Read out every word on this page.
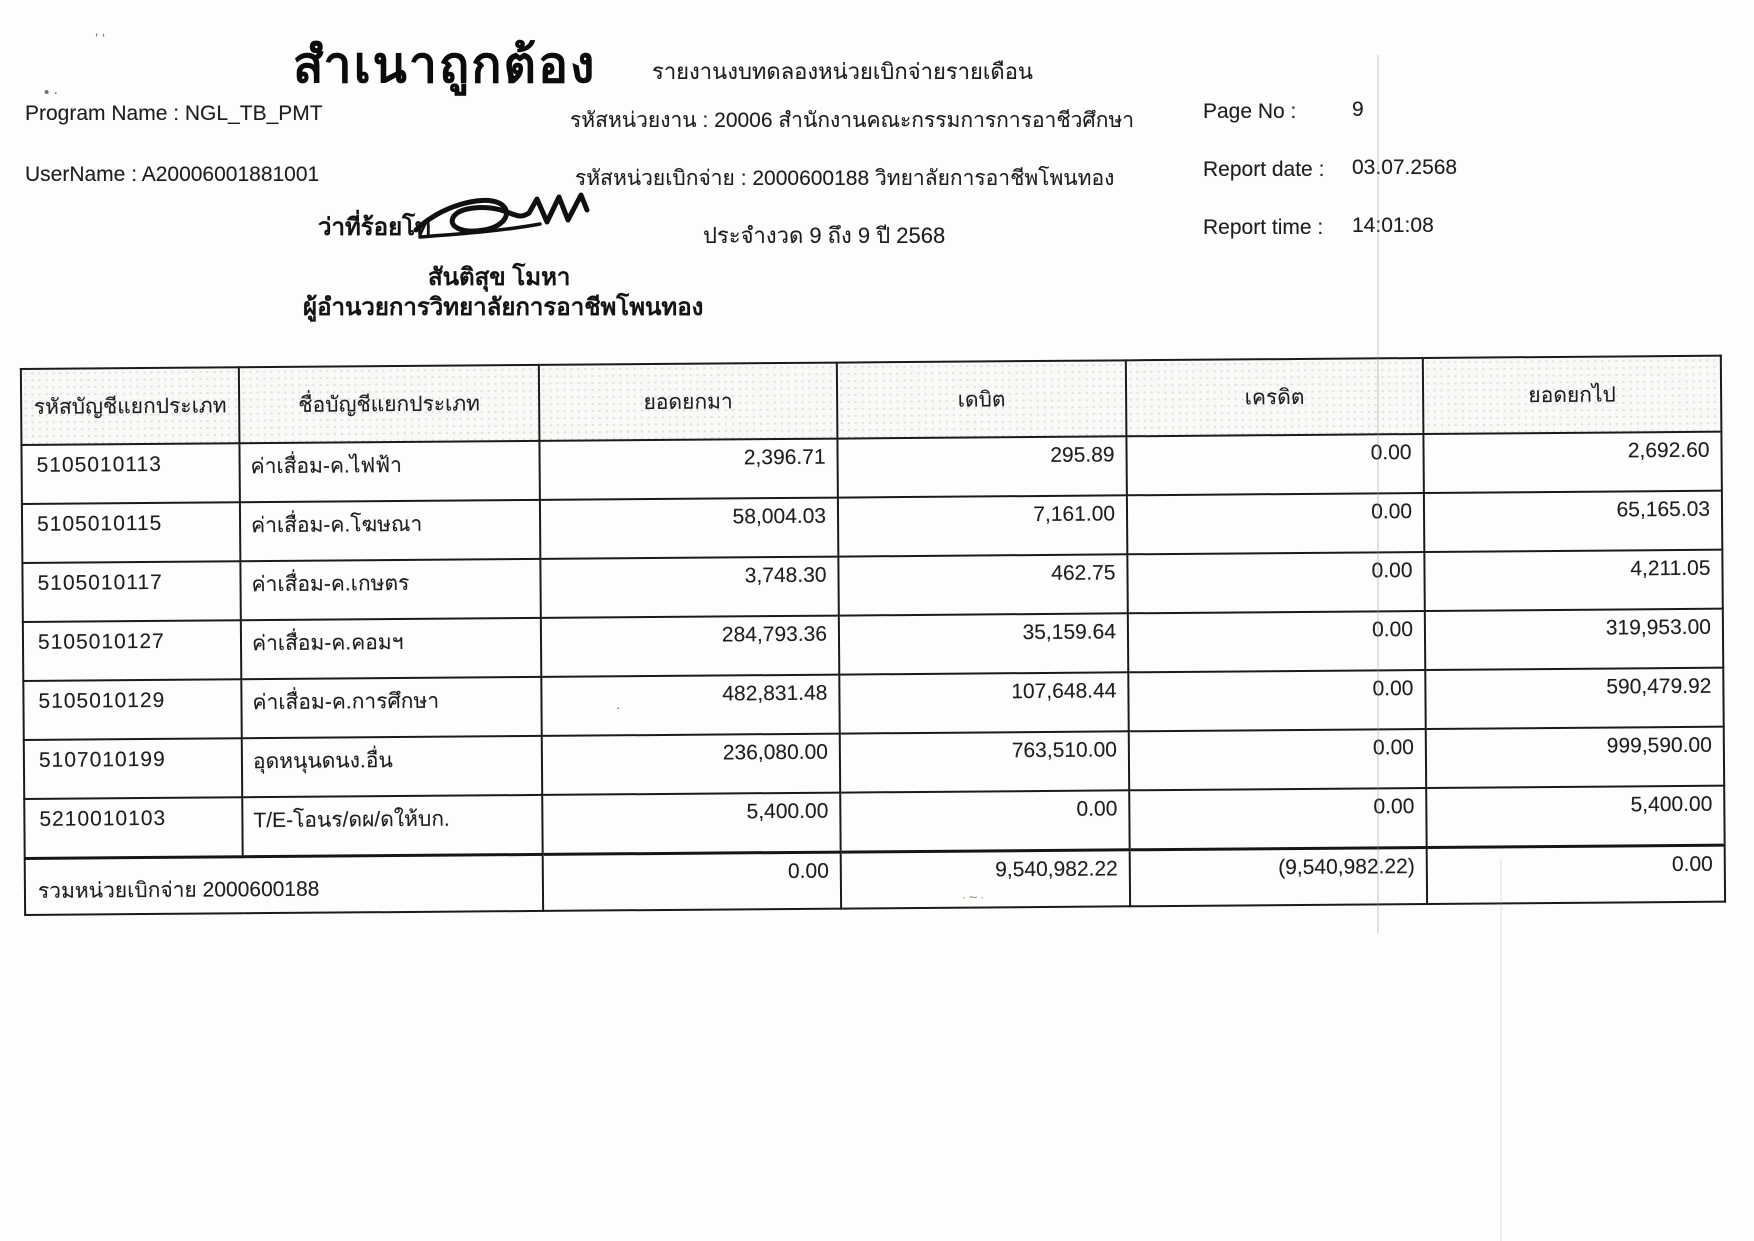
สำเนาถูกต้อง	รายงานงบทดลองหน่วยเบิกจ่ายรายเดือน
Program Name : NGL_TB_PMT	รหัสหน่วยงาน : 20006 สำนักงานคณะกรรมการการอาชีวศึกษา
UserName : A20006001881001	รหัสหน่วยเบิกจ่าย : 2000600188 วิทยาลัยการอาชีพโพนทอง
ประจำงวด 9 ถึง 9 ปี 2568
Page No :	9
Report date : 03.07.2568
Report time : 14:01:08
ว่าที่ร้อยโท
สันติสุข โมหา
ผู้อำนวยการวิทยาลัยการอาชีพโพนทอง
รหัสบัญชีแยกประเภท	ชื่อบัญชีแยกประเภท	ยอดยกมา	เดบิต	เครดิต	ยอดยกไป
5105010113	ค่าเสื่อม-ค.ไฟฟ้า	2,396.71	295.89	0.00	2,692.60
5105010115	ค่าเสื่อม-ค.โฆษณา	58,004.03	7,161.00	0.00	65,165.03
5105010117	ค่าเสื่อม-ค.เกษตร	3,748.30	462.75	0.00	4,211.05
5105010127	ค่าเสื่อม-ค.คอมฯ	284,793.36	35,159.64	0.00	319,953.00
5105010129	ค่าเสื่อม-ค.การศึกษา	482,831.48	107,648.44	0.00	590,479.92
5107010199	อุดหนุนดนง.อื่น	236,080.00	763,510.00	0.00	999,590.00
5210010103	T/E-โอนร/ดผ/ดให้บก.	5,400.00	0.00	0.00	5,400.00
รวมหน่วยเบิกจ่าย 2000600188		0.00	9,540,982.22	(9,540,982.22)	0.00
’ ‘
•·
·∼·
·
